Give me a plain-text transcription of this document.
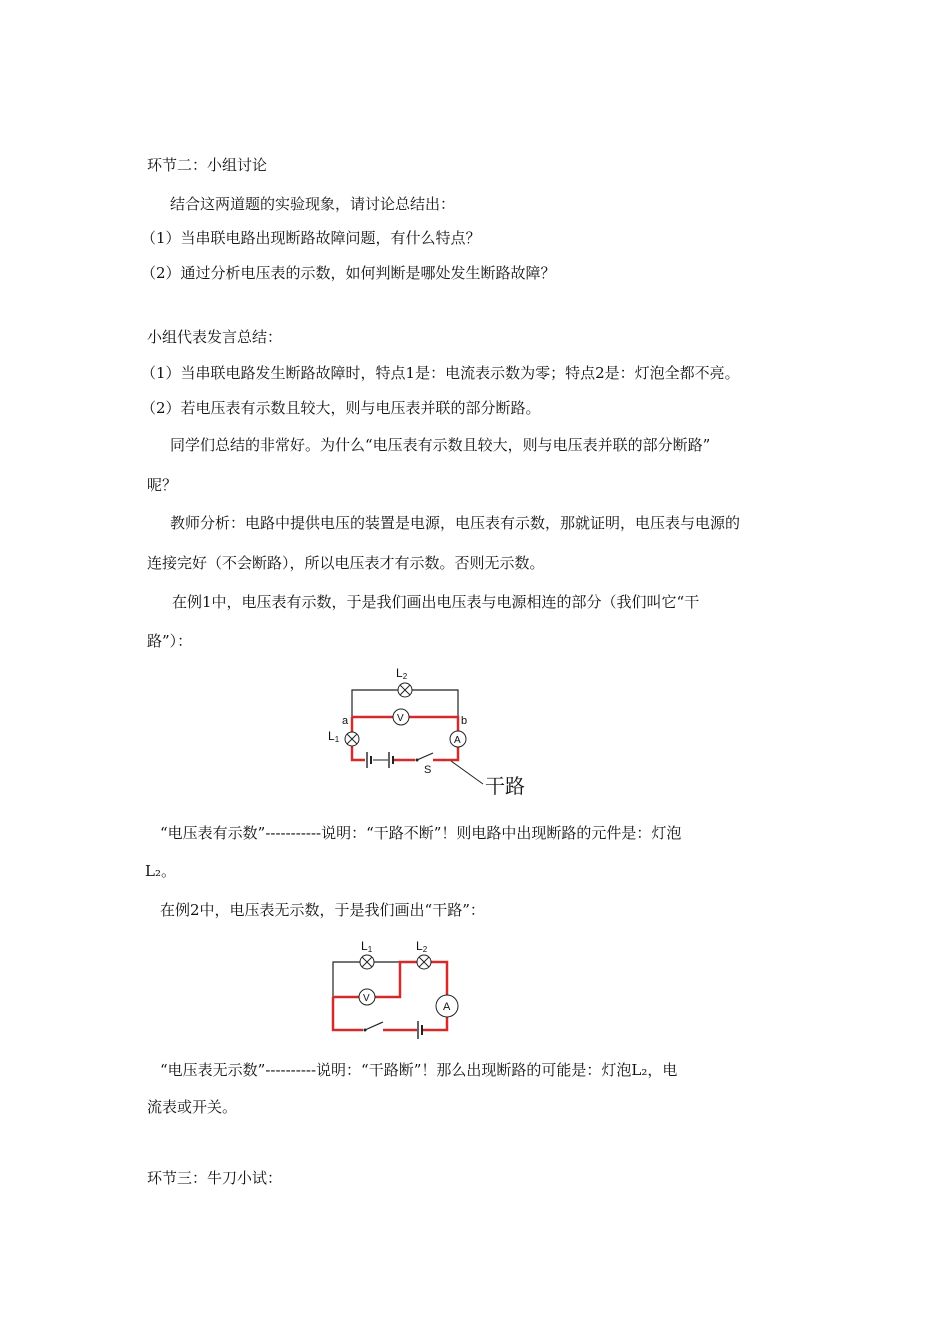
环节二：小组讨论
结合这两道题的实验现象，请讨论总结出：
（1）当串联电路出现断路故障问题，有什么特点？
（2）通过分析电压表的示数，如何判断是哪处发生断路故障？
小组代表发言总结：
（1）当串联电路发生断路故障时，特点1是：电流表示数为零；特点2是：灯泡全都不亮。
（2）若电压表有示数且较大，则与电压表并联的部分断路。
同学们总结的非常好。为什么“电压表有示数且较大，则与电压表并联的部分断路”
呢？
教师分析：电路中提供电压的装置是电源，电压表有示数，那就证明，电压表与电源的
连接完好（不会断路），所以电压表才有示数。否则无示数。
在例1中，电压表有示数，于是我们画出电压表与电源相连的部分（我们叫它“干
路”）：
L2
V
L1	A
a	b
S
干路
“电压表有示数”-----------说明：“干路不断”！则电路中出现断路的元件是：灯泡
L₂。
在例2中，电压表无示数，于是我们画出“干路”：
L1	L2
V
A
“电压表无示数”----------说明：“干路断”！那么出现断路的可能是：灯泡L₂，电
流表或开关。
环节三：牛刀小试：
